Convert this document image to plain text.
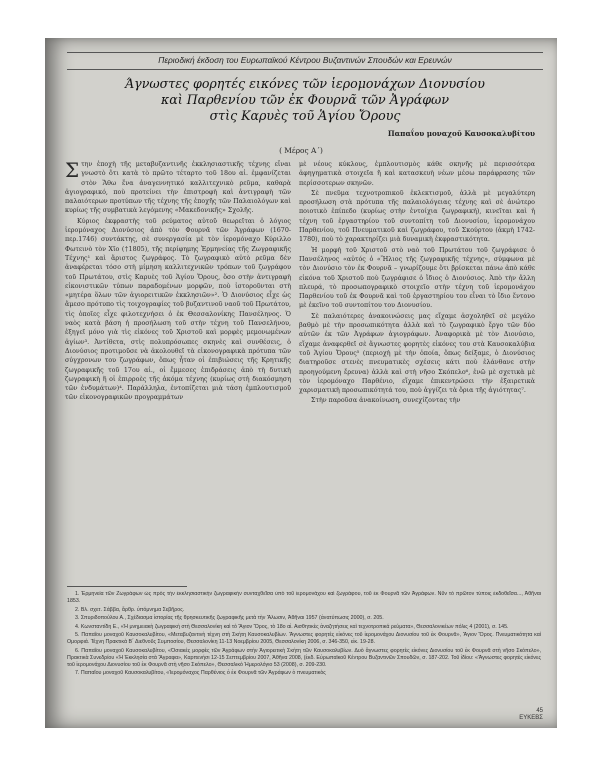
Περιοδική έκδοση του Ευρωπαϊκού Κέντρου Βυζαντινών Σπουδών και Ερευνών
Άγνωστες φορητές εικόνες τῶν ἱερομονάχων Διονυσίου
καὶ Παρθενίου τῶν ἐκ Φουρνᾶ τῶν Ἀγράφων
στὶς Καρυὲς τοῦ Ἁγίου Ὄρους
Παπαΐου μοναχοῦ Καυσοκαλυβίτου
( Μέρος Α΄)

Στην ἐποχὴ τῆς μεταβυζαντινῆς ἐκκλησιαστικῆς τέχνης εἶναι γνωστὸ ὅτι κατὰ τὸ πρῶτο τέταρτο τοῦ 18ου αἰ. ἐμφανίζεται στὸν Ἄθω ἕνα ἀναγεννητικό καλλιτεχνικὸ ρεῦμα, καθαρὰ ἁγιογραφικό, ποὺ προτείνει τὴν ἐπιστροφὴ καὶ ἀντιγραφὴ τῶν παλαιότερων προτύπων τῆς τέχνης τῆς ἐποχῆς τῶν Παλαιολόγων καὶ κυρίως τῆς συμβατικὰ λεγόμενης «Μακεδονικῆς» Σχολῆς.

Κύριος ἐκφραστὴς τοῦ ρεύματος αὐτοῦ θεωρεῖται ὁ λόγιος ἱερομόναχος Διονύσιος ἀπὸ τὸν Φουρνᾶ τῶν Ἀγράφων (1670-περ.1746) συντάκτης, σὲ συνεργασία μὲ τὸν ἱερομόναχο Κύριλλο Φωτεινὸ τὸν Χῖο (†1805), τῆς περίφημης Ἑρμηνείας τῆς Ζωγραφικῆς Τέχνης¹ καὶ ἄριστος ζωγράφος. Τὸ ζωγραφικὸ αὐτὸ ρεῦμα δὲν ἀναφέρεται τόσο στὴ μίμηση καλλιτεχνικῶν τρόπων τοῦ ζωγράφου τοῦ Πρωτάτου, στὶς Καρυὲς τοῦ Ἁγίου Ὄρους, ὅσο στὴν ἀντιγραφὴ εἰκονιστικῶν τύπων παραδομένων μορφῶν, ποὺ ἱστοροῦνται στὴ «μητέρα ὅλων τῶν ἁγιορειτικῶν ἐκκλησιῶν»². Ὁ Διονύσιος εἶχε ὡς ἄμεσο πρότυπο τὶς τοιχογραφίες τοῦ βυζαντινοῦ ναοῦ τοῦ Πρωτάτου, τὶς ὁποῖες εἶχε φιλοτεχνήσει ὁ ἐκ Θεσσαλονίκης Πανσέληνος. Ὁ ναὸς κατὰ βάση ἡ προσήλωση τοῦ στὴν τέχνη τοῦ Πανσελήνου, ἐξηγεῖ μόνο γιὰ τὶς εἰκόνες τοῦ Χριστοῦ καὶ μορφὲς μεμονωμένων ἁγίων³. Ἀντίθετα, στὶς πολυπρόσωπες σκηνὲς καὶ συνθέσεις, ὁ Διονύσιος προτιμοῦσε νὰ ἀκολουθεῖ τὰ εἰκονογραφικὰ πρότυπα τῶν σύγχρονων του ζωγράφων, ὅπως ἦταν οἱ ἐπιβιώσεις τῆς Κρητικῆς ζωγραφικῆς τοῦ 17ου αἰ., οἱ ἔμμεσες ἐπιδράσεις ἀπὸ τὴ δυτικὴ ζωγραφικὴ ἢ οἱ ἐπιρροὲς τῆς ἀκόμα τέχνης (κυρίως στὴ διακόσμηση τῶν ἐνδυμάτων)⁴. Παράλληλα, ἐντοπίζεται μιὰ τάση ἐμπλουτισμοῦ τῶν εἰκονογραφικῶν προγραμμάτων

μὲ νέους κύκλους, ἐμπλουτισμὸς κάθε σκηνῆς μὲ περισσότερα ἀφηγηματικὰ στοιχεῖα ἢ καὶ κατασκευὴ νέων μέσω παράφρασης τῶν περίσσοτερων σκηνῶν.

Σὲ πνεῦμα τεχνοτροπικοῦ ἐκλεκτισμοῦ, ἀλλὰ μὲ μεγαλύτερη προσήλωση στὰ πρότυπα τῆς παλαιολόγειας τέχνης καὶ σὲ ἀνώτερο ποιοτικὸ ἐπίπεδο (κυρίως στὴν ἐντοίχια ζωγραφική), κινεῖται καὶ ἡ τέχνη τοῦ ἐργαστηρίου τοῦ συντοπίτη τοῦ Διονυσίου, ἱερομονάχου Παρθενίου, τοῦ Πνευματικοῦ καὶ ζωγράφου, τοῦ Σκούρτου (ἀκμὴ 1742-1780), ποὺ τὸ χαρακτηρίζει μιὰ δυναμικὴ ἐκφραστικότητα.

Ἡ μορφὴ τοῦ Χριστοῦ στὸ ναὸ τοῦ Πρωτάτου τοῦ ζωγράφισε ὁ Πανσέληνος «αὐτός ὁ «Ἥλιος τῆς ζωγραφικῆς τέχνης», σύμφωνα μὲ τὸν Διονύσιο τὸν ἐκ Φουρνᾶ – γνωρίζουμε ὅτι βρίσκεται πάνω ἀπὸ κάθε εἰκόνα τοῦ Χριστοῦ ποὺ ζωγράφισε ὁ ἴδιος ὁ Διονύσιος. Ἀπὸ τὴν ἄλλη πλευρά, τὸ προσωπογραφικὸ στοιχεῖο στὴν τέχνη τοῦ ἱερομονάχου Παρθενίου τοῦ ἐκ Φουρνᾶ καὶ τοῦ ἐργαστηρίου του εἶναι τὸ ἴδιο ἔντονο μὲ ἐκεῖνο τοῦ συντοπίτου του Διονυσίου.

Σὲ παλαιότερες ἀνακοινώσεις μας εἴχαμε ἀσχοληθεῖ σὲ μεγάλο βαθμὸ μὲ τὴν προσωπικότητα ἀλλὰ καὶ τὸ ζωγραφικὸ ἔργο τῶν δύο αὐτῶν ἐκ τῶν Ἀγράφων ἁγιογράφων. Ἀναφορικὰ μὲ τὸν Διονύσιο, εἴχαμε ἀναφερθεῖ σὲ ἄγνωστες φορητὲς εἰκόνες του στὰ Καυσοκαλύβια τοῦ Ἁγίου Ὄρους⁵ (περιοχὴ μὲ τὴν ὁποία, ὅπως δείξαμε, ὁ Διονύσιος διατηροῦσε στενὲς πνευματικὲς σχέσεις κάτι ποὺ ἐλάνθανε στὴν προηγούμενη ἔρευνα) ἀλλὰ καὶ στὴ νῆσο Σκόπελο⁶, ἐνῶ μὲ σχετικὰ μὲ τὸν ἱερομόναχο Παρθένιο, εἴχαμε ἐπικεντρώσει τὴν ἐξαιρετικὰ χαρισματικὴ προσωπικότητά του, ποὺ ἀγγίζει τὰ ὅρια τῆς ἁγιότητας⁷.

Στὴν παροῦσα ἀνακοίνωση, συνεχίζοντας τὴν

1. Ἑρμηνεία τῶν Ζωγράφων ὡς πρὸς τὴν ἐκκλησιαστικὴν ζωγραφικὴν συνταχθεῖσα ὑπὸ τοῦ ἱερομονάχου καὶ ζωγράφου, τοῦ ἐκ Φουρνᾶ τῶν Ἀγράφων. Νῦν τὸ πρῶτον τύποις ἐκδοθεῖσα..., Ἀθῆναι 1853.
2. Βλ. σχετ. Σάββα, ἄρθρ. ὑπόμνημα Σεβῆρος.
3. Σπυριδοπούλου Α., Σχέδιασμα ἱστορίας τῆς θρησκευτικῆς ζωγραφικῆς μετὰ τὴν Ἅλωσιν, Ἀθῆναι 1957 (ἀνατύπωσις 2000), σ. 205.
4. Κωνσταντίδη Ε., «Ἡ μνημειακὴ ζωγραφικὴ στὴ Θεσσαλονίκη καὶ τὸ Ἅγιον Ὄρος, τὸ 18ο αἰ. Αισθητικὲς ἀναζητήσεις καὶ τεχνοτροπικά ρεύματα», Θεσσαλονικέων πόλις 4 (2001), σ. 145.
5. Παπαΐου μοναχοῦ Καυσοκαλυβίτου, «Μεταβυζαντινὴ τέχνη στὴ Σκήτη Καυσοκαλυβίων. Ἄγνωστες φορητὲς εἰκόνες τοῦ ἱερομονάχου Διονυσίου τοῦ ἐκ Φουρνᾶ», Ἅγιον Ὄρος. Πνευματικότητα καὶ Ομορφιά. Τέχνη Πρακτικὰ Β΄ Διεθνοῦς Συμποσίου, Θεσσαλονίκη 11-13 Νοεμβρίου 2005, Θεσσαλονίκη 2006, σ. 346-350, εἰκ. 19-28.
6. Παπαΐου μοναχοῦ Καυσοκαλυβίτου, «Ὁσιακὲς μορφὲς τῶν Ἀγράφων στὴν Ἀγιορειτικὴ Σκήτη τῶν Καυσοκαλυβίων. Δυὸ ἄγνωστες φορητὲς εἰκόνες Διονυσίου τοῦ ἐκ Φουρνᾶ στὴ νῆσο Σκόπελο», Πρακτικὰ Συνεδρίου «Ἡ Ἐκκλησία στὰ Ἄγραφα», Καρπενήσι 12-15 Σεπτεμβρίου 2007, Ἀθῆνα 2008, (ἐκδ. Εὐρωπαϊκοῦ Κέντρου Βυζαντινῶν Σπουδῶν, σ. 187-202. Τοῦ ἰδίου: «Ἄγνωστες φορητὲς εἰκόνες τοῦ ἱερομονάχου Διονυσίου τοῦ ἐκ Φουρνᾶ στὴ νῆσο Σκόπελο», Θεσσαλικὸ Ἡμερολόγιο 53 (2008), σ. 209-230.
7. Παπαΐου μοναχοῦ Καυσοκαλυβίτου, «Ἱερομόναχος Παρθένιος ὁ ἐκ Φουρνᾶ τῶν Ἀγράφων ὁ πνευματικὸς
45
ΕΥΚΕΒΣ
